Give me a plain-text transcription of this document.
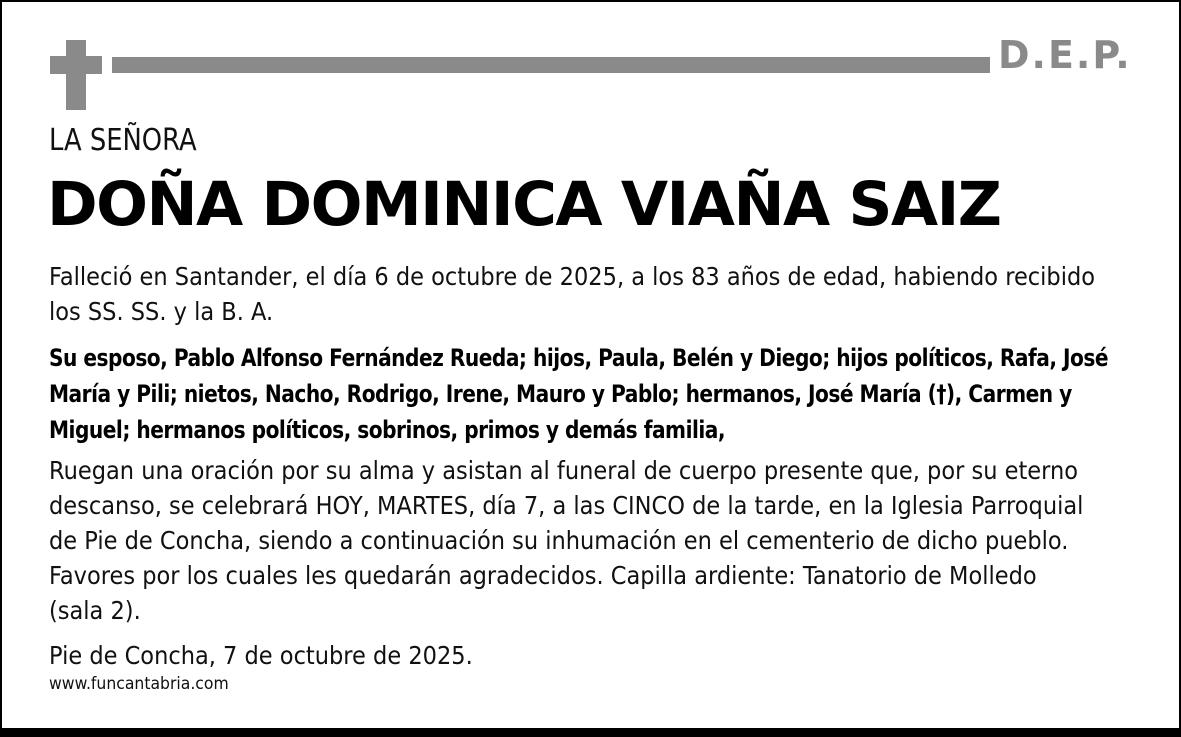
D.E.P.
LA SEÑORA
DOÑA DOMINICA VIAÑA SAIZ

Falleció en Santander, el día 6 de octubre de 2025, a los 83 años de edad, habiendo recibido los SS. SS. y la B. A.

Su esposo, Pablo Alfonso Fernández Rueda; hijos, Paula, Belén y Diego; hijos políticos, Rafa, José María y Pili; nietos, Nacho, Rodrigo, Irene, Mauro y Pablo; hermanos, José María (†), Carmen y Miguel; hermanos políticos, sobrinos, primos y demás familia,

Ruegan una oración por su alma y asistan al funeral de cuerpo presente que, por su eterno descanso, se celebrará HOY, MARTES, día 7, a las CINCO de la tarde, en la Iglesia Parroquial de Pie de Concha, siendo a continuación su inhumación en el cementerio de dicho pueblo. Favores por los cuales les quedarán agradecidos. Capilla ardiente: Tanatorio de Molledo (sala 2).

Pie de Concha, 7 de octubre de 2025.

www.funcantabria.com
